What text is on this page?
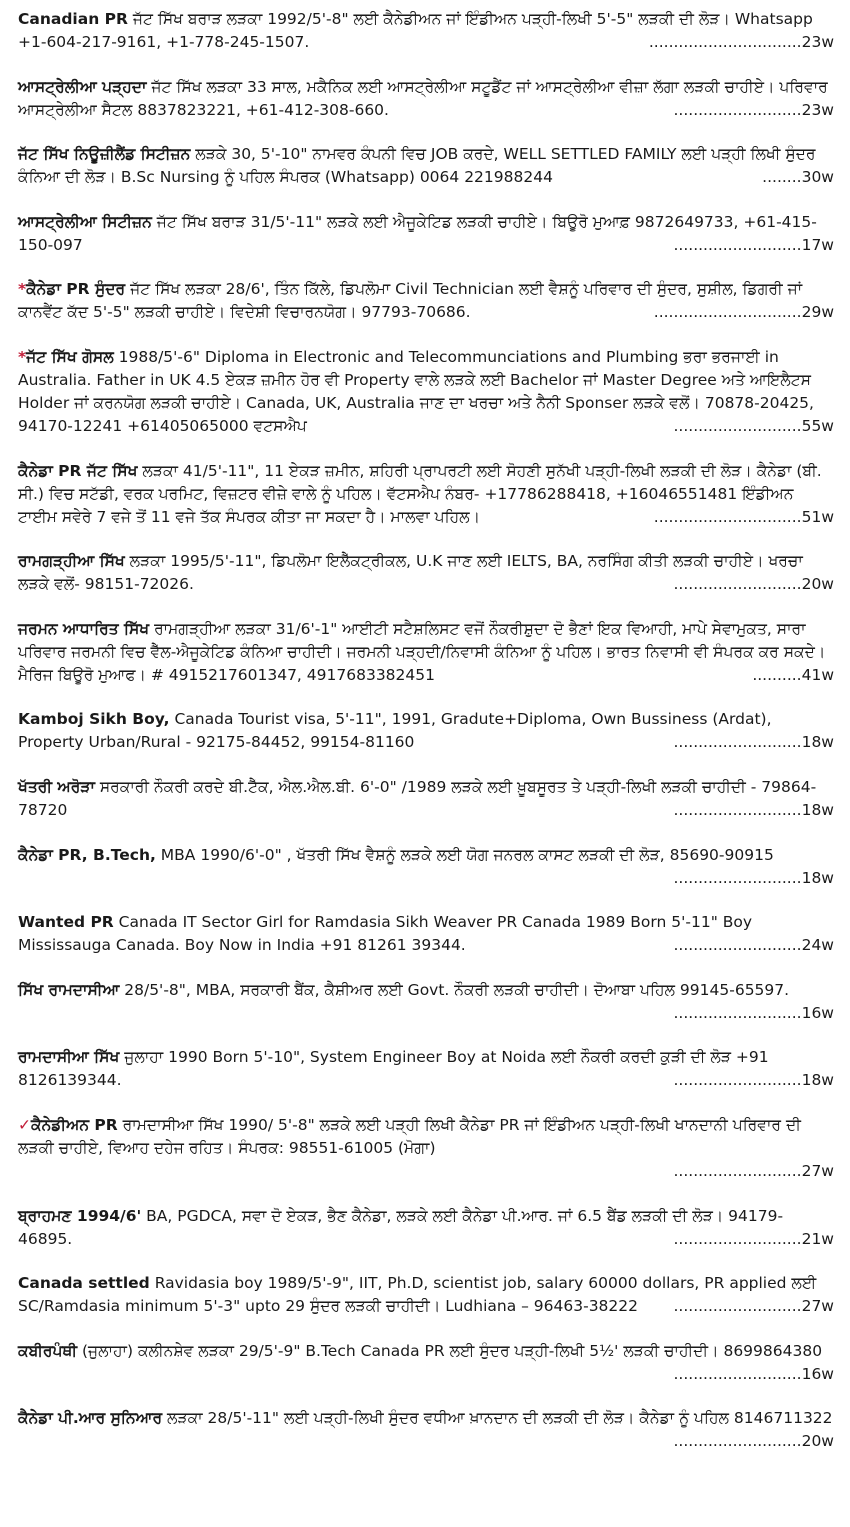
Canadian PR ਜੱਟ ਸਿੱਖ ਬਰਾੜ ਲੜਕਾ 1992/5'-8" ਲਈ ਕੈਨੇਡੀਅਨ ਜਾਂ ਇੰਡੀਅਨ ਪੜ੍ਹੀ-ਲਿਖੀ 5'-5" ਲੜਕੀ ਦੀ ਲੋੜ। Whatsapp +1-604-217-9161, +1-778-245-1507.	...............................23w
ਆਸਟ੍ਰੇਲੀਆ ਪੜ੍ਹਦਾ ਜੱਟ ਸਿੱਖ ਲੜਕਾ 33 ਸਾਲ, ਮਕੈਨਿਕ ਲਈ ਆਸਟ੍ਰੇਲੀਆ ਸਟੂਡੈਂਟ ਜਾਂ ਆਸਟ੍ਰੇਲੀਆ ਵੀਜ਼ਾ ਲੱਗਾ ਲੜਕੀ ਚਾਹੀਏ। ਪਰਿਵਾਰ ਆਸਟ੍ਰੇਲੀਆ ਸੈਟਲ 8837823221, +61-412-308-660.	..........................23w
ਜੱਟ ਸਿੱਖ ਨਿਊਜ਼ੀਲੈਂਡ ਸਿਟੀਜ਼ਨ ਲੜਕੇ 30, 5'-10" ਨਾਮਵਰ ਕੰਪਨੀ ਵਿਚ JOB ਕਰਦੇ, WELL SETTLED FAMILY ਲਈ ਪੜ੍ਹੀ ਲਿਖੀ ਸੁੰਦਰ ਕੰਨਿਆ ਦੀ ਲੋੜ। B.Sc Nursing ਨੂੰ ਪਹਿਲ ਸੰਪਰਕ (Whatsapp) 0064 221988244	........30w
ਆਸਟ੍ਰੇਲੀਆ ਸਿਟੀਜ਼ਨ ਜੱਟ ਸਿੱਖ ਬਰਾੜ 31/5'-11" ਲੜਕੇ ਲਈ ਐਜੂਕੇਟਿਡ ਲੜਕੀ ਚਾਹੀਏ। ਬਿਊਰੋ ਮੁਆਫ਼ 9872649733, +61-415-150-097	..........................17w
*ਕੈਨੇਡਾ PR ਸੁੰਦਰ ਜੱਟ ਸਿੱਖ ਲੜਕਾ 28/6', ਤਿੰਨ ਕਿੱਲੇ, ਡਿਪਲੋਮਾ Civil Technician ਲਈ ਵੈਸ਼ਨੂੰ ਪਰਿਵਾਰ ਦੀ ਸੁੰਦਰ, ਸੁਸ਼ੀਲ, ਡਿਗਰੀ ਜਾਂ ਕਾਨਵੈਂਟ ਕੱਦ 5'-5" ਲੜਕੀ ਚਾਹੀਏ। ਵਿਦੇਸ਼ੀ ਵਿਚਾਰਨਯੋਗ। 97793-70686.	..............................29w
*ਜੱਟ ਸਿੱਖ ਗੋਸਲ 1988/5'-6" Diploma in Electronic and Telecommunciations and Plumbing ਭਰਾ ਭਰਜਾਈ in Australia. Father in UK 4.5 ਏਕੜ ਜ਼ਮੀਨ ਹੋਰ ਵੀ Property ਵਾਲੇ ਲੜਕੇ ਲਈ Bachelor ਜਾਂ Master Degree ਅਤੇ ਆਇਲੈਟਸ Holder ਜਾਂ ਕਰਨਯੋਗ ਲੜਕੀ ਚਾਹੀਏ। Canada, UK, Australia ਜਾਣ ਦਾ ਖਰਚਾ ਅਤੇ ਨੈਨੀ Sponser ਲੜਕੇ ਵਲੋਂ। 70878-20425, 94170-12241 +61405065000 ਵਟਸਐਪ	..........................55w
ਕੈਨੇਡਾ PR ਜੱਟ ਸਿੱਖ ਲੜਕਾ 41/5'-11", 11 ਏਕੜ ਜ਼ਮੀਨ, ਸ਼ਹਿਰੀ ਪ੍ਰਾਪਰਟੀ ਲਈ ਸੋਹਣੀ ਸੁਨੱਖੀ ਪੜ੍ਹੀ-ਲਿਖੀ ਲੜਕੀ ਦੀ ਲੋੜ। ਕੈਨੇਡਾ (ਬੀ. ਸੀ.) ਵਿਚ ਸਟੱਡੀ, ਵਰਕ ਪਰਮਿਟ, ਵਿਜ਼ਟਰ ਵੀਜ਼ੇ ਵਾਲੇ ਨੂੰ ਪਹਿਲ। ਵੱਟਸਐਪ ਨੰਬਰ- +17786288418, +16046551481 ਇੰਡੀਅਨ ਟਾਈਮ ਸਵੇਰੇ 7 ਵਜੇ ਤੋਂ 11 ਵਜੇ ਤੱਕ ਸੰਪਰਕ ਕੀਤਾ ਜਾ ਸਕਦਾ ਹੈ। ਮਾਲਵਾ ਪਹਿਲ।	..............................51w
ਰਾਮਗੜ੍ਹੀਆ ਸਿੱਖ ਲੜਕਾ 1995/5'-11", ਡਿਪਲੋਮਾ ਇਲੈੱਕਟ੍ਰੀਕਲ, U.K ਜਾਣ ਲਈ IELTS, BA, ਨਰਸਿੰਗ ਕੀਤੀ ਲੜਕੀ ਚਾਹੀਏ। ਖਰਚਾ ਲੜਕੇ ਵਲੋਂ- 98151-72026.	..........................20w
ਜਰਮਨ ਆਧਾਰਿਤ ਸਿੱਖ ਰਾਮਗੜ੍ਹੀਆ ਲੜਕਾ 31/6'-1" ਆਈਟੀ ਸਟੈਸ਼ਲਿਸਟ ਵਜੋਂ ਨੌਕਰੀਸ਼ੁਦਾ ਦੋ ਭੈਣਾਂ ਇਕ ਵਿਆਹੀ, ਮਾਪੇ ਸੇਵਾਮੁਕਤ, ਸਾਰਾ ਪਰਿਵਾਰ ਜਰਮਨੀ ਵਿਚ ਵੈੱਲ-ਐਜੂਕੇਟਿਡ ਕੰਨਿਆ ਚਾਹੀਦੀ। ਜਰਮਨੀ ਪੜ੍ਹਦੀ/ਨਿਵਾਸੀ ਕੰਨਿਆ ਨੂੰ ਪਹਿਲ। ਭਾਰਤ ਨਿਵਾਸੀ ਵੀ ਸੰਪਰਕ ਕਰ ਸਕਦੇ। ਮੈਰਿਜ ਬਿਊਰੋ ਮੁਆਫ। # 4915217601347, 4917683382451	..........41w
Kamboj Sikh Boy, Canada Tourist visa, 5'-11", 1991, Gradute+Diploma, Own Bussiness (Ardat), Property Urban/Rural - 92175-84452, 99154-81160	..........................18w
ਖੱਤਰੀ ਅਰੋੜਾ ਸਰਕਾਰੀ ਨੌਕਰੀ ਕਰਦੇ ਬੀ.ਟੈੱਕ, ਐਲ.ਐਲ.ਬੀ. 6'-0" /1989 ਲੜਕੇ ਲਈ ਖ਼ੂਬਸੂਰਤ ਤੇ ਪੜ੍ਹੀ-ਲਿਖੀ ਲੜਕੀ ਚਾਹੀਦੀ - 79864-78720	..........................18w
ਕੈਨੇਡਾ PR, B.Tech, MBA 1990/6'-0" , ਖੱਤਰੀ ਸਿੱਖ ਵੈਸ਼ਨੂੰ ਲੜਕੇ ਲਈ ਯੋਗ ਜਨਰਲ ਕਾਸਟ ਲੜਕੀ ਦੀ ਲੋੜ, 85690-90915
..........................18w
Wanted PR Canada IT Sector Girl for Ramdasia Sikh Weaver PR Canada 1989 Born 5'-11" Boy Mississauga Canada. Boy Now in India +91 81261 39344.	..........................24w
ਸਿੱਖ ਰਾਮਦਾਸੀਆ 28/5'-8", MBA, ਸਰਕਾਰੀ ਬੈਂਕ, ਕੈਸ਼ੀਅਰ ਲਈ Govt. ਨੌਕਰੀ ਲੜਕੀ ਚਾਹੀਦੀ। ਦੋਆਬਾ ਪਹਿਲ 99145-65597.
..........................16w
ਰਾਮਦਾਸੀਆ ਸਿੱਖ ਜੁਲਾਹਾ 1990 Born 5'-10", System Engineer Boy at Noida ਲਈ ਨੌਕਰੀ ਕਰਦੀ ਕੁੜੀ ਦੀ ਲੋੜ +91 8126139344.	..........................18w
✓ਕੈਨੇਡੀਅਨ PR ਰਾਮਦਾਸੀਆ ਸਿੱਖ 1990/ 5'-8" ਲੜਕੇ ਲਈ ਪੜ੍ਹੀ ਲਿਖੀ ਕੈਨੇਡਾ PR ਜਾਂ ਇੰਡੀਅਨ ਪੜ੍ਹੀ-ਲਿਖੀ ਖਾਨਦਾਨੀ ਪਰਿਵਾਰ ਦੀ ਲੜਕੀ ਚਾਹੀਏ, ਵਿਆਹ ਦਹੇਜ ਰਹਿਤ। ਸੰਪਰਕ: 98551-61005 (ਮੋਗਾ)
..........................27w
ਬ੍ਰਾਹਮਣ 1994/6' BA, PGDCA, ਸਵਾ ਦੋ ਏਕੜ, ਭੈਣ ਕੈਨੇਡਾ, ਲੜਕੇ ਲਈ ਕੈਨੇਡਾ ਪੀ.ਆਰ. ਜਾਂ 6.5 ਬੈਂਡ ਲੜਕੀ ਦੀ ਲੋੜ। 94179-46895.	..........................21w
Canada settled Ravidasia boy 1989/5'-9", IIT, Ph.D, scientist job, salary 60000 dollars, PR applied ਲਈ SC/Ramdasia minimum 5'-3" upto 29 ਸੁੰਦਰ ਲੜਕੀ ਚਾਹੀਦੀ। Ludhiana – 96463-38222 ..........................27w
ਕਬੀਰਪੰਥੀ (ਜੁਲਾਹਾ) ਕਲੀਨਸ਼ੇਵ ਲੜਕਾ 29/5'-9" B.Tech Canada PR ਲਈ ਸੁੰਦਰ ਪੜ੍ਹੀ-ਲਿਖੀ 5½' ਲੜਕੀ ਚਾਹੀਦੀ। 8699864380
..........................16w
ਕੈਨੇਡਾ ਪੀ.ਆਰ ਸੁਨਿਆਰ ਲੜਕਾ 28/5'-11" ਲਈ ਪੜ੍ਹੀ-ਲਿਖੀ ਸੁੰਦਰ ਵਧੀਆ ਖ਼ਾਨਦਾਨ ਦੀ ਲੜਕੀ ਦੀ ਲੋੜ। ਕੈਨੇਡਾ ਨੂੰ ਪਹਿਲ 8146711322
..........................20w
